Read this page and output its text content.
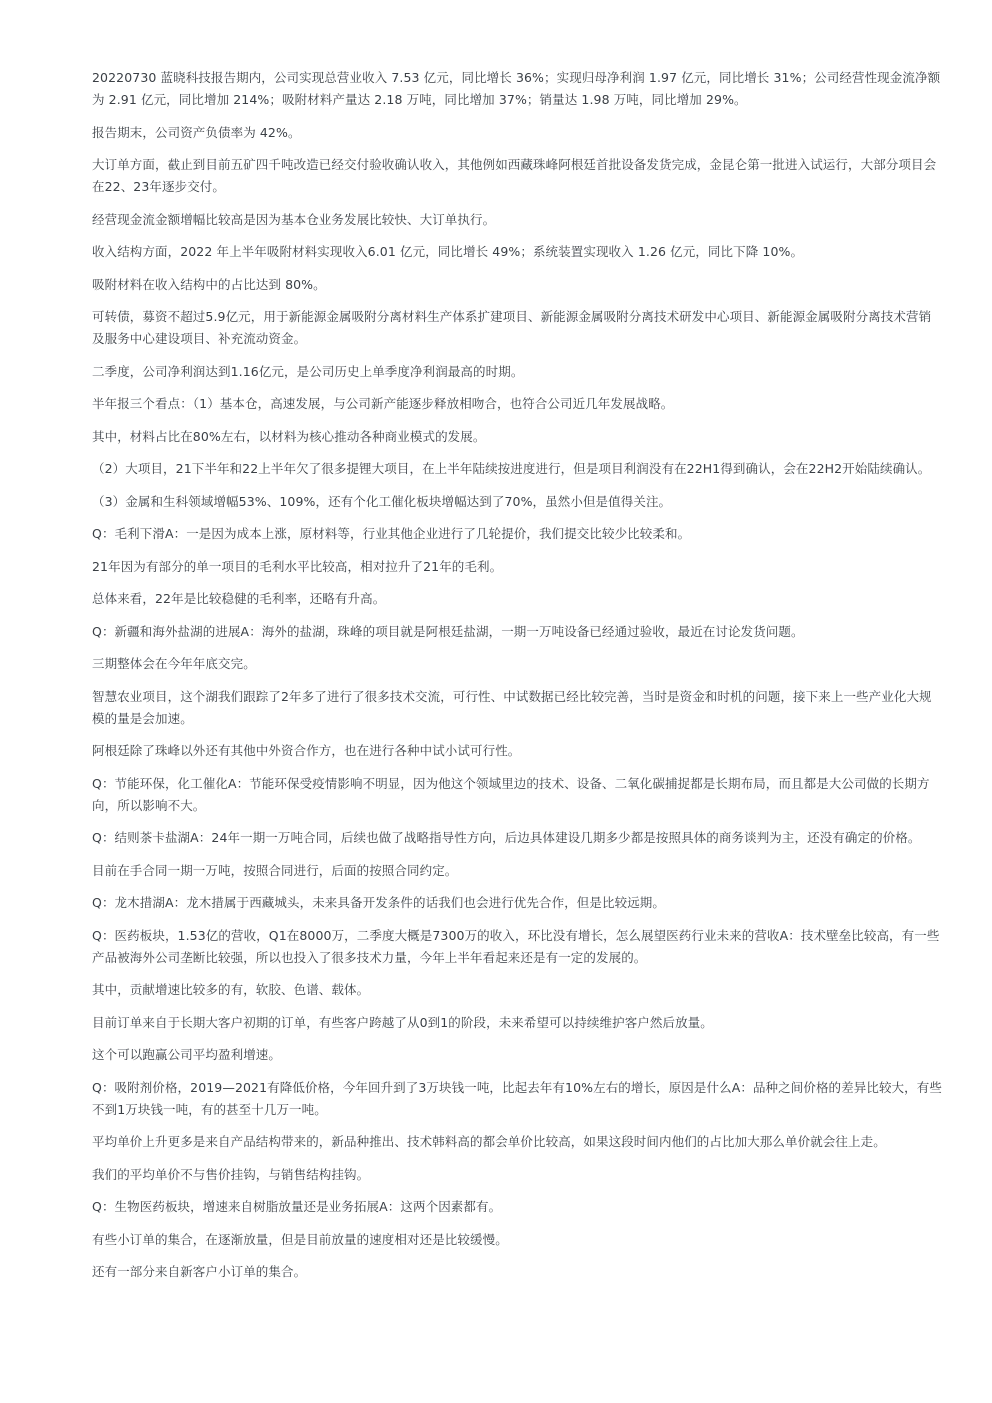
20220730 蓝晓科技报告期内，公司实现总营业收入 7.53 亿元，同比增长 36%；实现归母净利润 1.97 亿元，同比增长 31%；公司经营性现金流净额为 2.91 亿元，同比增加 214%；吸附材料产量达 2.18 万吨，同比增加 37%；销量达 1.98 万吨，同比增加 29%。

报告期末，公司资产负债率为 42%。

大订单方面，截止到目前五矿四千吨改造已经交付验收确认收入，其他例如西藏珠峰阿根廷首批设备发货完成，金昆仑第一批进入试运行，大部分项目会在22、23年逐步交付。

经营现金流金额增幅比较高是因为基本仓业务发展比较快、大订单执行。

收入结构方面，2022 年上半年吸附材料实现收入6.01 亿元，同比增长 49%；系统装置实现收入 1.26 亿元，同比下降 10%。

吸附材料在收入结构中的占比达到 80%。

可转债，募资不超过5.9亿元，用于新能源金属吸附分离材料生产体系扩建项目、新能源金属吸附分离技术研发中心项目、新能源金属吸附分离技术营销及服务中心建设项目、补充流动资金。

二季度，公司净利润达到1.16亿元，是公司历史上单季度净利润最高的时期。

半年报三个看点：（1）基本仓，高速发展，与公司新产能逐步释放相吻合，也符合公司近几年发展战略。

其中，材料占比在80%左右，以材料为核心推动各种商业模式的发展。

（2）大项目，21下半年和22上半年欠了很多提锂大项目，在上半年陆续按进度进行，但是项目利润没有在22H1得到确认，会在22H2开始陆续确认。

（3）金属和生科领域增幅53%、109%，还有个化工催化板块增幅达到了70%，虽然小但是值得关注。

Q：毛利下滑A：一是因为成本上涨，原材料等，行业其他企业进行了几轮提价，我们提交比较少比较柔和。

21年因为有部分的单一项目的毛利水平比较高，相对拉升了21年的毛利。

总体来看，22年是比较稳健的毛利率，还略有升高。

Q：新疆和海外盐湖的进展A：海外的盐湖，珠峰的项目就是阿根廷盐湖，一期一万吨设备已经通过验收，最近在讨论发货问题。

三期整体会在今年年底交完。

智慧农业项目，这个湖我们跟踪了2年多了进行了很多技术交流，可行性、中试数据已经比较完善，当时是资金和时机的问题，接下来上一些产业化大规模的量是会加速。

阿根廷除了珠峰以外还有其他中外资合作方，也在进行各种中试小试可行性。

Q：节能环保，化工催化A：节能环保受疫情影响不明显，因为他这个领域里边的技术、设备、二氧化碳捕捉都是长期布局，而且都是大公司做的长期方向，所以影响不大。

Q：结则茶卡盐湖A：24年一期一万吨合同，后续也做了战略指导性方向，后边具体建设几期多少都是按照具体的商务谈判为主，还没有确定的价格。

目前在手合同一期一万吨，按照合同进行，后面的按照合同约定。

Q：龙木措湖A：龙木措属于西藏城头，未来具备开发条件的话我们也会进行优先合作，但是比较远期。

Q：医药板块，1.53亿的营收，Q1在8000万，二季度大概是7300万的收入，环比没有增长，怎么展望医药行业未来的营收A：技术壁垒比较高，有一些产品被海外公司垄断比较强，所以也投入了很多技术力量，今年上半年看起来还是有一定的发展的。

其中，贡献增速比较多的有，软胶、色谱、载体。

目前订单来自于长期大客户初期的订单，有些客户跨越了从0到1的阶段，未来希望可以持续维护客户然后放量。

这个可以跑赢公司平均盈利增速。

Q：吸附剂价格，2019—2021有降低价格，今年回升到了3万块钱一吨，比起去年有10%左右的增长，原因是什么A：品种之间价格的差异比较大，有些不到1万块钱一吨，有的甚至十几万一吨。

平均单价上升更多是来自产品结构带来的，新品种推出、技术韩料高的都会单价比较高，如果这段时间内他们的占比加大那么单价就会往上走。

我们的平均单价不与售价挂钩，与销售结构挂钩。

Q：生物医药板块，增速来自树脂放量还是业务拓展A：这两个因素都有。

有些小订单的集合，在逐渐放量，但是目前放量的速度相对还是比较缓慢。

还有一部分来自新客户小订单的集合。
